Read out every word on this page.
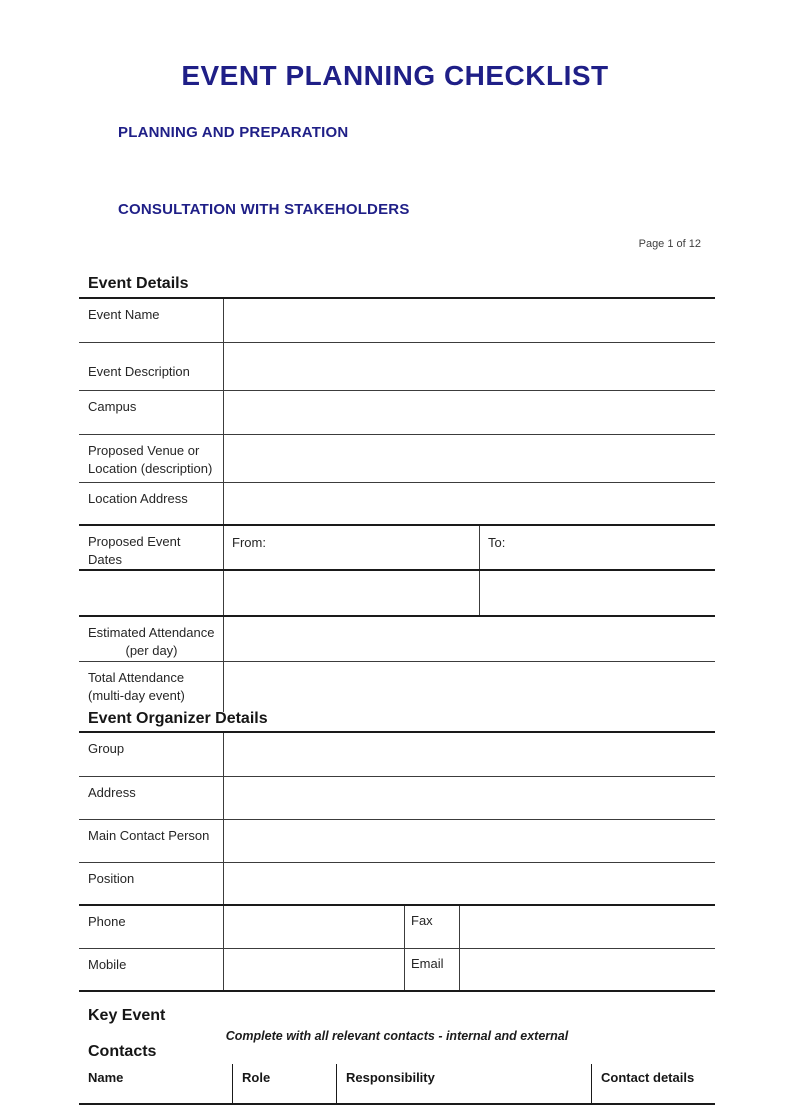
EVENT PLANNING CHECKLIST
PLANNING AND PREPARATION
CONSULTATION WITH STAKEHOLDERS
Page 1 of 12
Event Details
Event Name
Event Description
Campus
Proposed Venue or
Location (description)
Location Address
Proposed Event Dates
From:	To:
Estimated Attendance
(per day)
Total Attendance
(multi-day event)
Event Organizer Details
Group
Address
Main Contact Person
Position
Phone	Fax
Mobile	Email
Key Event
Contacts
Complete with all relevant contacts - internal and external
Name	Role	Responsibility	Contact details
